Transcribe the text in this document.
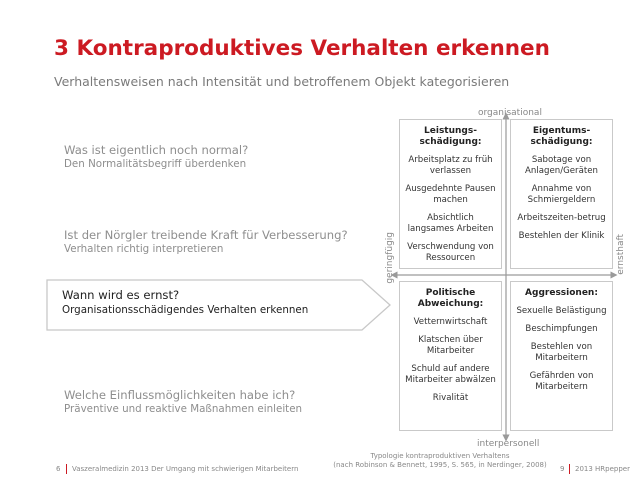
3 Kontraproduktives Verhalten erkennen
Verhaltensweisen nach Intensität und betroffenem Objekt kategorisieren
Was ist eigentlich noch normal?
Den Normalitätsbegriff überdenken
Ist der Nörgler treibende Kraft für Verbesserung?
Verhalten richtig interpretieren
Wann wird es ernst?
Organisationsschädigendes Verhalten erkennen
Welche Einflussmöglichkeiten habe ich?
Präventive und reaktive Maßnahmen einleiten
organisational
interpersonell
geringfügig	ernsthaft
Leistungs-
schädigung:
Arbeitsplatz zu früh verlassen
Ausgedehnte Pausen machen
Absichtlich langsames Arbeiten
Verschwendung von Ressourcen
Eigentums-
schädigung:
Sabotage von Anlagen/Geräten
Annahme von Schmiergeldern
Arbeitszeiten-betrug
Bestehlen der Klinik
Politische
Abweichung:
Vetternwirtschaft
Klatschen über Mitarbeiter
Schuld auf andere Mitarbeiter abwälzen
Rivalität
Aggressionen:
Sexuelle Belästigung
Beschimpfungen
Bestehlen von Mitarbeitern
Gefährden von Mitarbeitern
Typologie kontraproduktiven Verhaltens
(nach Robinson & Bennett, 1995, S. 565, in Nerdinger, 2008)
6 Vaszeralmedizin 2013 Der Umgang mit schwierigen Mitarbeitern	9 2013 HRpepper
